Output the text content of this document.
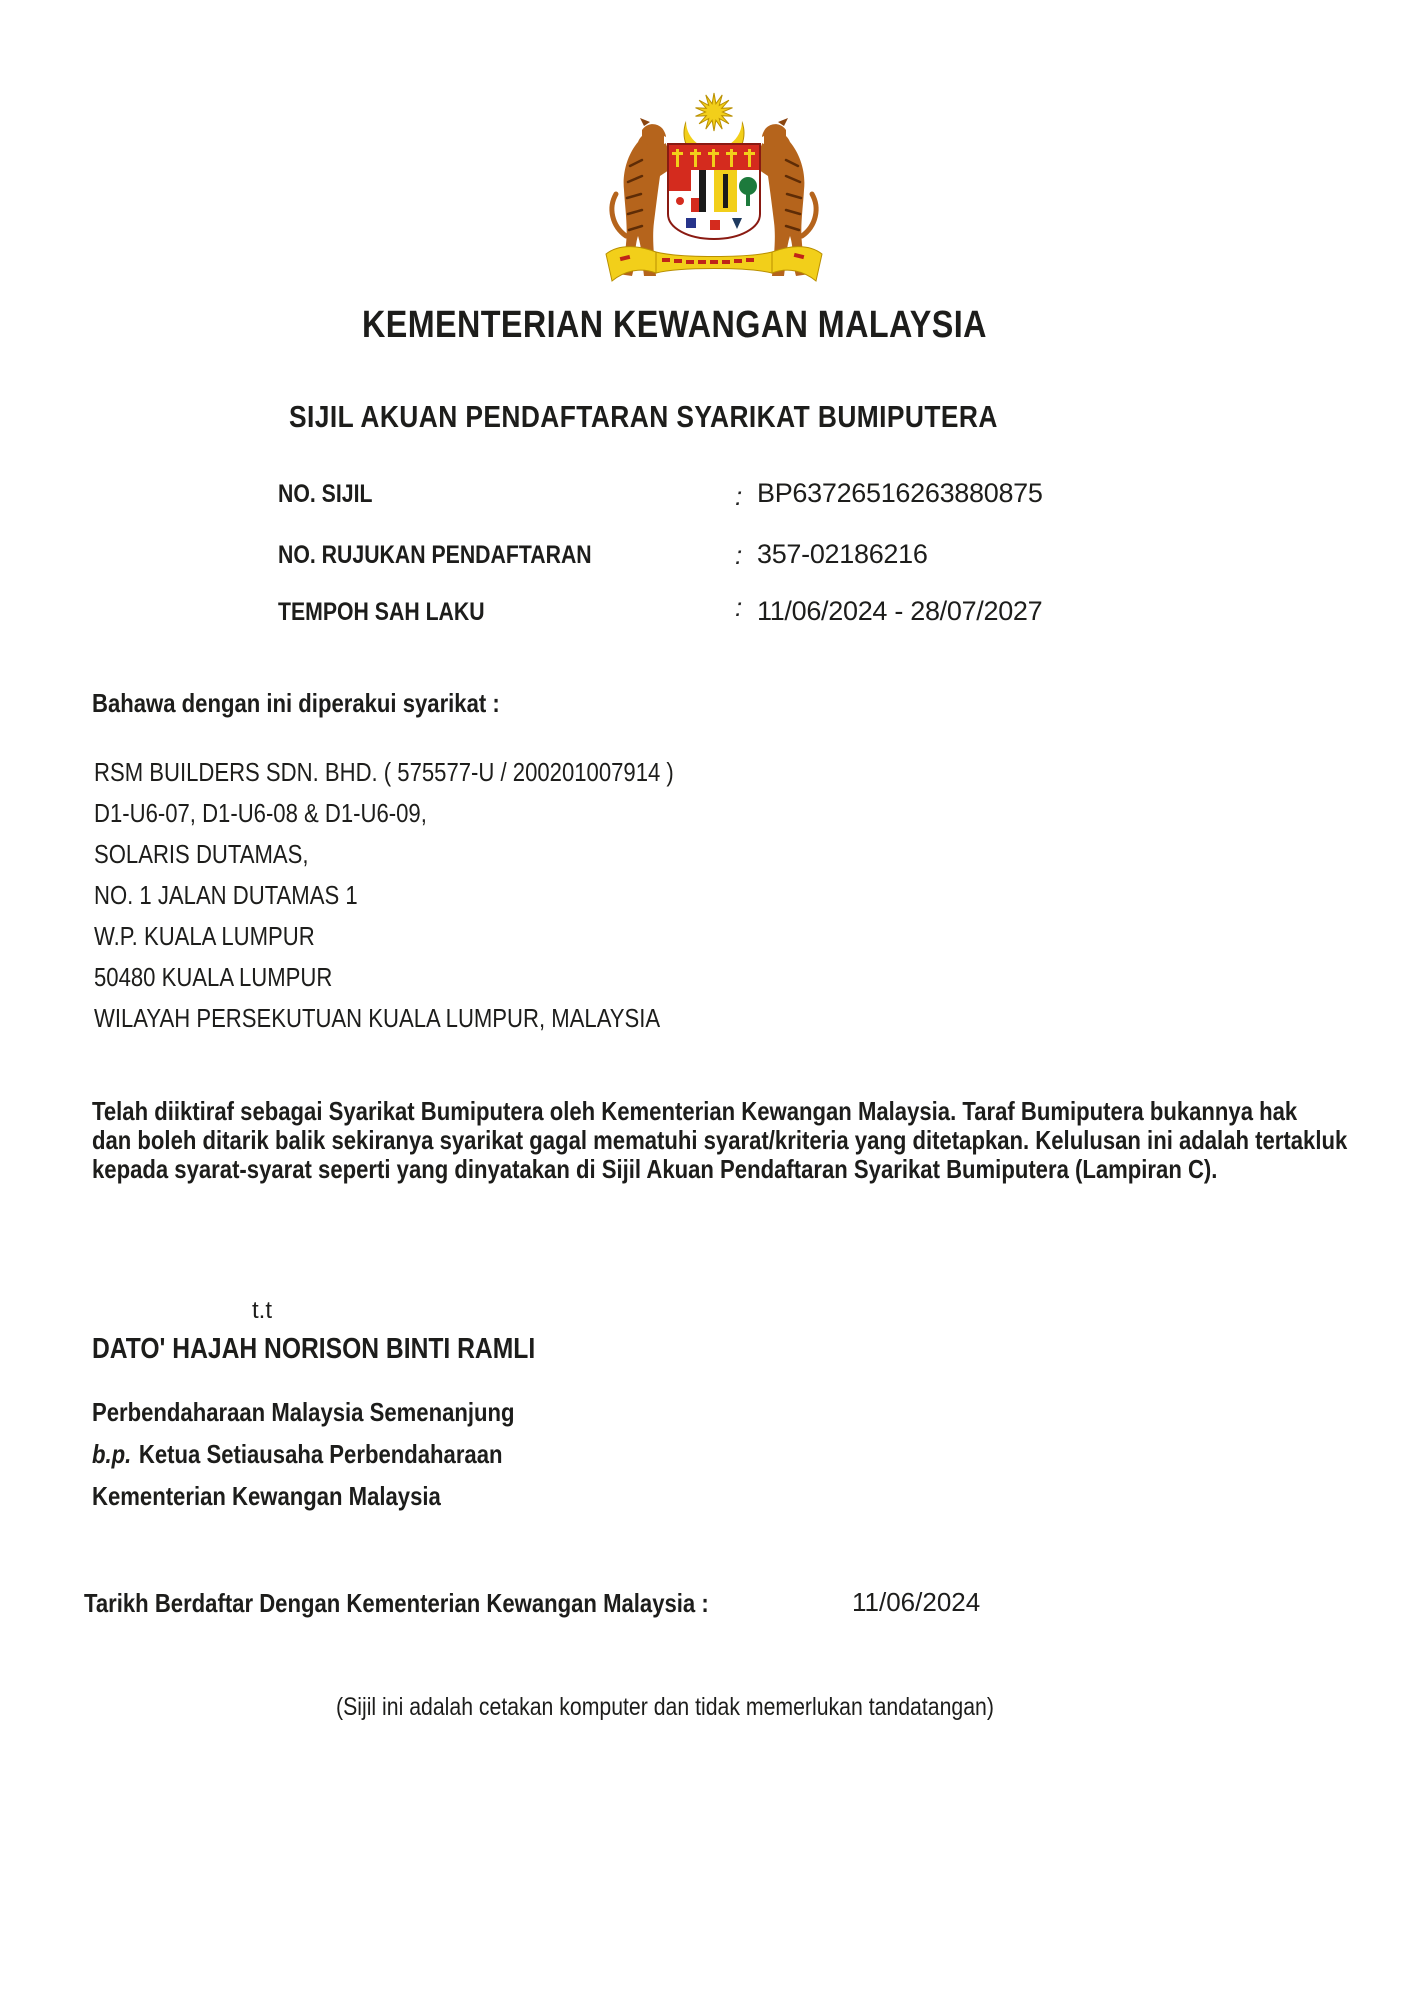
KEMENTERIAN KEWANGAN MALAYSIA
SIJIL AKUAN PENDAFTARAN SYARIKAT BUMIPUTERA
NO. SIJIL	: BP63726516263880875
NO. RUJUKAN PENDAFTARAN	: 357-02186216
TEMPOH SAH LAKU	: 11/06/2024 - 28/07/2027
Bahawa dengan ini diperakui syarikat :
RSM BUILDERS SDN. BHD. ( 575577-U / 200201007914 )
D1-U6-07, D1-U6-08 & D1-U6-09,
SOLARIS DUTAMAS,
NO. 1 JALAN DUTAMAS 1
W.P. KUALA LUMPUR
50480 KUALA LUMPUR
WILAYAH PERSEKUTUAN KUALA LUMPUR, MALAYSIA
Telah diiktiraf sebagai Syarikat Bumiputera oleh Kementerian Kewangan Malaysia. Taraf Bumiputera bukannya hak
dan boleh ditarik balik sekiranya syarikat gagal mematuhi syarat/kriteria yang ditetapkan. Kelulusan ini adalah tertakluk
kepada syarat-syarat seperti yang dinyatakan di Sijil Akuan Pendaftaran Syarikat Bumiputera (Lampiran C).
t.t
DATO' HAJAH NORISON BINTI RAMLI
Perbendaharaan Malaysia Semenanjung
b.p. Ketua Setiausaha Perbendaharaan
Kementerian Kewangan Malaysia
Tarikh Berdaftar Dengan Kementerian Kewangan Malaysia :	11/06/2024
(Sijil ini adalah cetakan komputer dan tidak memerlukan tandatangan)
